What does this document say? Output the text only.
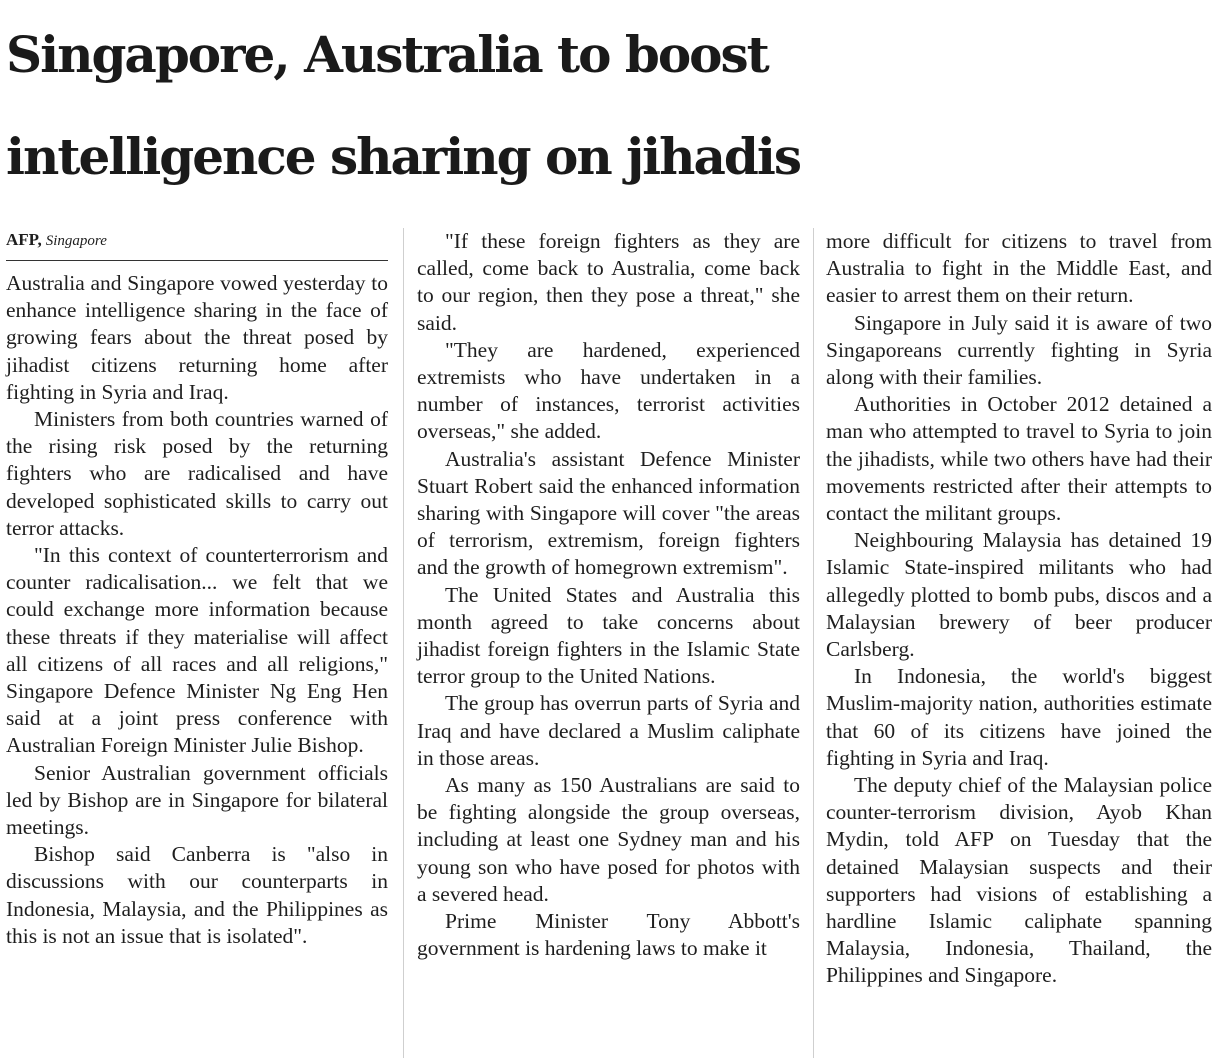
Singapore, Australia to boost
intelligence sharing on jihadis
AFP, Singapore

Australia and Singapore vowed yesterday to enhance intelligence sharing in the face of growing fears about the threat posed by jihadist citizens returning home after fighting in Syria and Iraq.

Ministers from both countries warned of the rising risk posed by the returning fighters who are radicalised and have developed sophisticated skills to carry out terror attacks.

"In this context of counterterrorism and counter radicalisation... we felt that we could exchange more information because these threats if they materialise will affect all citizens of all races and all religions," Singapore Defence Minister Ng Eng Hen said at a joint press conference with Australian Foreign Minister Julie Bishop.

Senior Australian government officials led by Bishop are in Singapore for bilateral meetings.

Bishop said Canberra is "also in discussions with our counterparts in Indonesia, Malaysia, and the Philippines as this is not an issue that is isolated".

"If these foreign fighters as they are called, come back to Australia, come back to our region, then they pose a threat," she said.

"They are hardened, experienced extremists who have undertaken in a number of instances, terrorist activities overseas," she added.

Australia's assistant Defence Minister Stuart Robert said the enhanced information sharing with Singapore will cover "the areas of terrorism, extremism, foreign fighters and the growth of homegrown extremism".

The United States and Australia this month agreed to take concerns about jihadist foreign fighters in the Islamic State terror group to the United Nations.

The group has overrun parts of Syria and Iraq and have declared a Muslim caliphate in those areas.

As many as 150 Australians are said to be fighting alongside the group overseas, including at least one Sydney man and his young son who have posed for photos with a severed head.

Prime Minister Tony Abbott's government is hardening laws to make it

more difficult for citizens to travel from Australia to fight in the Middle East, and easier to arrest them on their return.

Singapore in July said it is aware of two Singaporeans currently fighting in Syria along with their families.

Authorities in October 2012 detained a man who attempted to travel to Syria to join the jihadists, while two others have had their movements restricted after their attempts to contact the militant groups.

Neighbouring Malaysia has detained 19 Islamic State-inspired militants who had allegedly plotted to bomb pubs, discos and a Malaysian brewery of beer producer Carlsberg.

In Indonesia, the world's biggest Muslim-majority nation, authorities estimate that 60 of its citizens have joined the fighting in Syria and Iraq.

The deputy chief of the Malaysian police counter-terrorism division, Ayob Khan Mydin, told AFP on Tuesday that the detained Malaysian suspects and their supporters had visions of establishing a hardline Islamic caliphate spanning Malaysia, Indonesia, Thailand, the Philippines and Singapore.
